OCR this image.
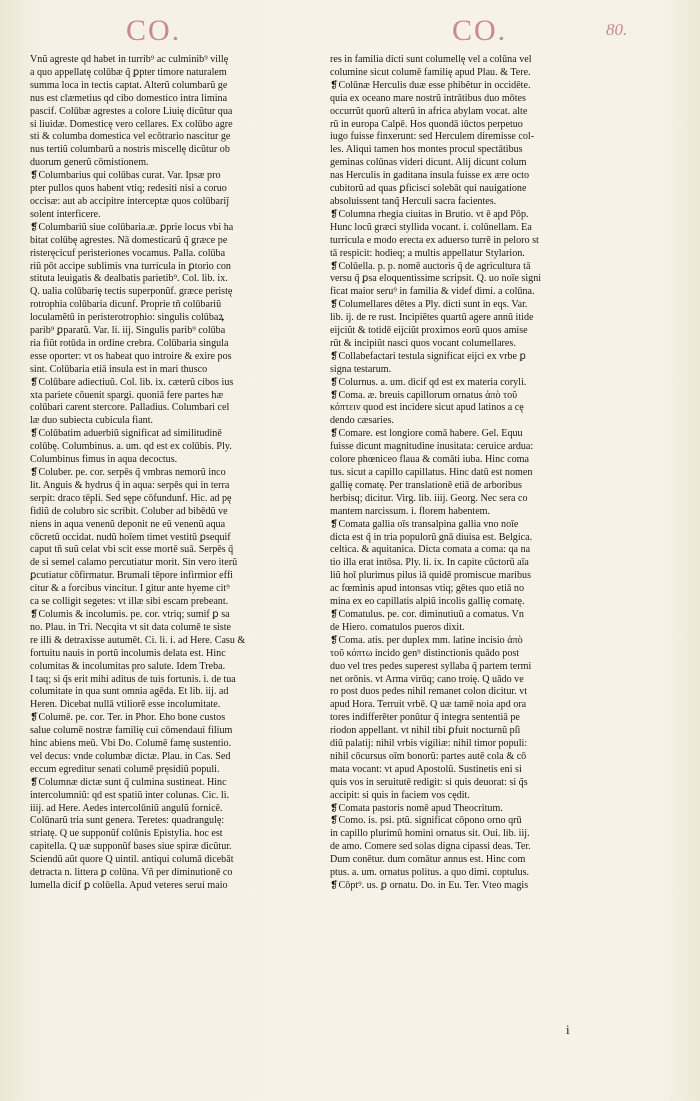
CO.	CO.	80.
Vnũ agreste qd habet in turrib⁹ ac culminib⁹ villę
a quo appellatę colūbæ q̃ ꝑpter timore naturalem
summa loca in tectis captat. Alterũ columbarũ ge
nus est clæmetius qd cibo domestico intra limina
pascif. Colūbæ agrestes a colore Liuię dicũtur qua
si liuidæ. Domesticę vero cellares. Ex colūbo agre
sti & columba domestica vel ecōtrario nascitur ge
nus tertiũ columbarũ a nostris miscellę dicũtur ob
duorum generũ cōmistionem.
❡Columbarius qui colūbas curat. Var. Ipsæ pro
pter pullos quos habent vtiq; redesiti nisi a coruo
occisæ: aut ab accipitre interceptæ quos colūbariĵ
solent interficere.
❡Columbariũ siue colūbaria.æ. ꝑprie locus vbi ha
bitat colūbę agrestes. Nā domesticarũ q̃ græce pe
risteręcicuf peristeriones vocamus. Palla. colūba
riũ pōt accipe sublimis vna turricula in ꝑtorio con
stituta leuigatis & dealbatis parietib⁹. Col. lib. ix.
Q. ualia colūbariȩ tectis superponũf. græce peristę
rotrophia colūbaria dicunf. Proprie tñ colūbariũ
loculamẽtũ in peristerotrophio: singulis colūbaꝝ
parib⁹ ꝑparatũ. Var. li. iij. Singulis parib⁹ colūba
ria fiũt rotūda in ordine crebra. Colūbaria singula
esse oporter: vt os habeat quo introire & exire pos
sint. Colūbaria etiā insula est in mari thusco
❡Colūbare adiectiuũ. Col. lib. ix. cæterũ cibos ius
xta pariete cōuenit spargi. quoniā fere partes hæ
colūbari carent stercore. Palladius. Columbari cel
læ duo subiecta cubicula fiant.
❡Colūbatim aduerbiũ significat ad similitudinē
colūbę. Columbinus. a. um. qd est ex colūbis. Ply.
Columbinus fimus in aqua decoctus.
❡Coluber. pe. cor. serpēs q̃ vmbras nemorũ inco
lit. Anguis & hydrus q̃ in aqua: serpēs qui in terra
serpit: draco tēpli. Sed sępe cōfundunf. Hic. ad pę
fidiũ de colubro sic scribit. Coluber ad bibēdũ ve
niens in aqua venenũ deponit ne eũ venenũ aqua
cōcretũ occidat. nudũ hoīem timet vestitũ ꝑsequif
caput tñ suũ celat vbi scit esse mortē suā. Serpēs q̃
de si semel calamo percutiatur morit. Sin vero iterũ
ꝑcutiatur cōfirmatur. Brumali tēpore infirmior effi
citur & a forcibus vincitur. I gitur ante hyeme cit⁹
ca se colligit segetes: vt illæ sibi escam prebeant.
❡Columis & incolumis. pe. cor. vtriq; sumif ꝑ sa
no. Plau. in Tri. Necqita vt sit data columē te siste
re illi & detraxisse autumēt. Ci. li. i. ad Here. Casu &
fortuitu nauis in portũ incolumis delata est. Hinc
columitas & incolumitas pro salute. Idem Treba.
I taq; si q̃s erit mihi aditus de tuis fortunis. i. de tua
columitate in qua sunt omnia agēda. Et lib. iij. ad
Heren. Dicebat nullā vtiliorē esse incolumitate.
❡Columē. pe. cor. Ter. in Phor. Eho bone custos
salue columē nostræ familię cui cōmendaui filium
hinc abiens meũ. Vbi Do. Columē famę sustentio.
vel decus: vnde columbæ dictæ. Plau. in Cas. Sed
eccum egreditur senati columē pręsidiũ populi.
❡Columnæ dictæ sunt q̃ culmina sustineat. Hinc
intercolumniũ: qd est spatiũ inter colunas. Cic. li.
iiij. ad Here. Aedes intercolūniũ angulũ fornicē.
Colūnarũ tria sunt genera. Teretes: quadrangulę:
striatę. Q ue supponũf colūnis Epistylia. hoc est
capitella. Q uæ supponũf bases siue spiræ dicũtur.
Sciendũ aũt quore Q uintil. antiqui columā dicebāt
detracta n. littera ꝑ colūna. Vñ per diminutionē co
lumella dicif ꝑ colūella. Apud veteres serui maio
res in familia dicti sunt columellę vel a colūna vel
columine sicut columē familię apud Plau. & Tere.
❡Colūnæ Herculis duæ esse phibẽtur in occidēte.
quia ex oceano mare nostrũ intrātibus duo mōtes
occurrũt quorũ alterũ in africa abylam vocat. alte
rũ in europa Calpē. Hos quondā iūctos perpetuo
iugo fuisse finxerunt: sed Herculem diremisse col-
les. Aliqui tamen hos montes procul spectātibus
geminas colūnas videri dicunt. Alij dicunt colum
nas Herculis in gaditana insula fuisse ex ære octo
cubitorũ ad quas ꝑficisci solebāt qui nauigatione
absoluissent tanq̃ Herculi sacra facientes.
❡Columna rhegia ciuitas in Brutio. vt ē apd Pōp.
Hunc locũ græci styllida vocant. i. colūnellam. Ea
turricula e modo erecta ex aduerso turrē in peloro st
tā respicit: hodieq; a multis appellatur Stylarion.
❡Colūella. p. p. nomē auctoris q̃ de agricultura tā
versu q̃ ꝑsa eloquentissime scripsit. Q. uo noīe signi
ficat maior seru⁹ in familia & videf dimi. a colūna.
❡Columellares dētes a Ply. dicti sunt in eqs. Var.
lib. ij. de re rust. Incipiētes quartũ agere annũ itide
eijciũt & totidē eijciũt proximos eorũ quos amise
rũt & incipiũt nasci quos vocant columellares.
❡Collabefactari testula significat eijci ex vrbe ꝑ
signa testarum.
❡Colurnus. a. um. dicif qd est ex materia coryli.
❡Coma. æ. breuis capillorum ornatus ἀπὸ τοῦ
κόπτειν quod est incidere sicut apud latinos a cę
dendo cæsaries.
❡Comare. est longiore comā habere. Gel. Equu
fuisse dicunt magnitudine inusitata: ceruice ardua:
colore phœniceo flaua & comāti iuba. Hinc coma
tus. sicut a capillo capillatus. Hinc datū est nomen
gallię comatę. Per translationē etiā de arboribus
herbisq; dicitur. Virg. lib. iiij. Georg. Nec sera co
mantem narcissum. i. florem habentem.
❡Comata gallia oīs transalpina gallia vno noīe
dicta est q̃ in tria populorũ gnā diuisa est. Belgica.
celtica. & aquitanica. Dicta comata a coma: qa na
tio illa erat intōsa. Ply. li. ix. In capite cūctorũ aīa
liũ hoī plurimus pilus iā quidē promiscue maribus
ac fœminis apud intonsas vtiq; gētes quo etiā no
mina ex eo capillatis alpiũ incolis gallię comatę.
❡Comatulus. pe. cor. diminutiuũ a comatus. Vn
de Hiero. comatulos pueros dixit.
❡Coma. atis. per duplex mm. latine incisio ἀπὸ
τοῦ κόπτω incido gen⁹ distinctionis quādo post
duo vel tres pedes superest syllaba q̃ partem termi
net orōnis. vt Arma virūq; cano troię. Q uādo ve
ro post duos pedes nihil remanet colon dicitur. vt
apud Hora. Terruit vrbē. Q uæ tamē noia apd ora
tores indifferēter ponũtur q̃ integra sententiā pe
riodon appellant. vt nihil tibi ꝑfuit nocturnũ pſi
diũ palatij: nihil vrbis vigiliæ: nihil timor populi:
nihil cōcursus oīm bonorũ: partes autē cola & cō
mata vocant: vt apud Apostolũ. Sustinetis eni si
quis vos in seruitutē redigit: si quis deuorat: si q̃s
accipit: si quis in faciem vos cędit.
❡Comata pastoris nomē apud Theocritum.
❡Como. is. psi. ptũ. significat cōpono orno qrū
in capillo plurimũ homini ornatus sit. Oui. lib. iij.
de amo. Comere sed solas digna cipassi deas. Ter.
Dum conētur. dum comātur annus est. Hinc com
ptus. a. um. ornatus politus. a quo dimi. coptulus.
❡Cōpt⁹. us. ꝑ ornatu. Do. in Eu. Ter. Vteo magis
i
